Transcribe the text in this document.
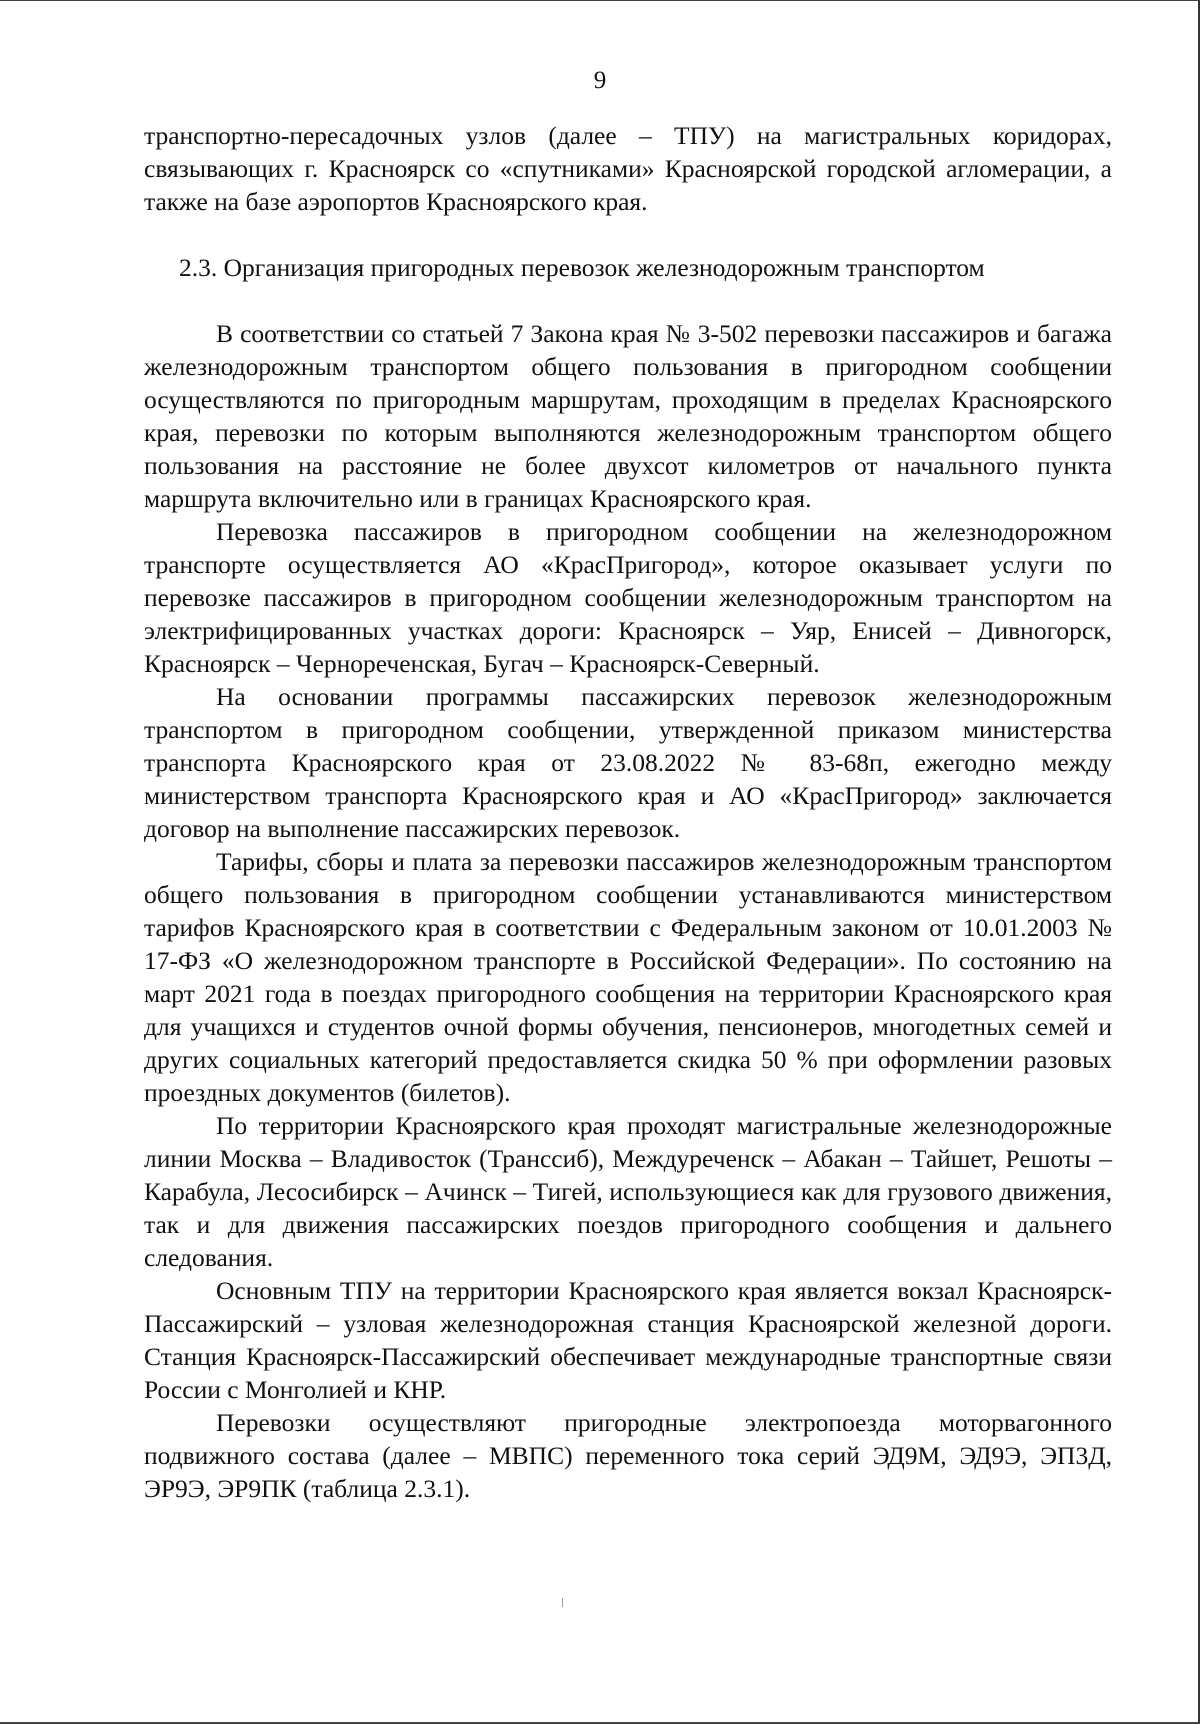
9

транспортно-пересадочных узлов (далее – ТПУ) на магистральных коридорах, связывающих г. Красноярск со «спутниками» Красноярской городской агломерации, а также на базе аэропортов Красноярского края.

2.3. Организация пригородных перевозок железнодорожным транспортом

В соответствии со статьей 7 Закона края № 3-502 перевозки пассажиров и багажа железнодорожным транспортом общего пользования в пригородном сообщении осуществляются по пригородным маршрутам, проходящим в пределах Красноярского края, перевозки по которым выполняются железнодорожным транспортом общего пользования на расстояние не более двухсот километров от начального пункта маршрута включительно или в границах Красноярского края.

Перевозка пассажиров в пригородном сообщении на железнодорожном транспорте осуществляется АО «КрасПригород», которое оказывает услуги по перевозке пассажиров в пригородном сообщении железнодорожным транспортом на электрифицированных участках дороги: Красноярск – Уяр, Енисей – Дивногорск, Красноярск – Чернореченская, Бугач – Красноярск-Северный.

На основании программы пассажирских перевозок железнодорожным транспортом в пригородном сообщении, утвержденной приказом министерства транспорта Красноярского края от 23.08.2022 № 83-68п, ежегодно между министерством транспорта Красноярского края и АО «КрасПригород» заключается договор на выполнение пассажирских перевозок.

Тарифы, сборы и плата за перевозки пассажиров железнодорожным транспортом общего пользования в пригородном сообщении устанавливаются министерством тарифов Красноярского края в соответствии с Федеральным законом от 10.01.2003 № 17-ФЗ «О железнодорожном транспорте в Российской Федерации». По состоянию на март 2021 года в поездах пригородного сообщения на территории Красноярского края для учащихся и студентов очной формы обучения, пенсионеров, многодетных семей и других социальных категорий предоставляется скидка 50 % при оформлении разовых проездных документов (билетов).

По территории Красноярского края проходят магистральные железнодорожные линии Москва – Владивосток (Транссиб), Междуреченск – Абакан – Тайшет, Решоты – Карабула, Лесосибирск – Ачинск – Тигей, использующиеся как для грузового движения, так и для движения пассажирских поездов пригородного сообщения и дальнего следования.

Основным ТПУ на территории Красноярского края является вокзал Красноярск-Пассажирский – узловая железнодорожная станция Красноярской железной дороги. Станция Красноярск-Пассажирский обеспечивает международные транспортные связи России с Монголией и КНР.

Перевозки осуществляют пригородные электропоезда моторвагонного подвижного состава (далее – МВПС) переменного тока серий ЭД9М, ЭД9Э, ЭП3Д, ЭР9Э, ЭР9ПК (таблица 2.3.1).
